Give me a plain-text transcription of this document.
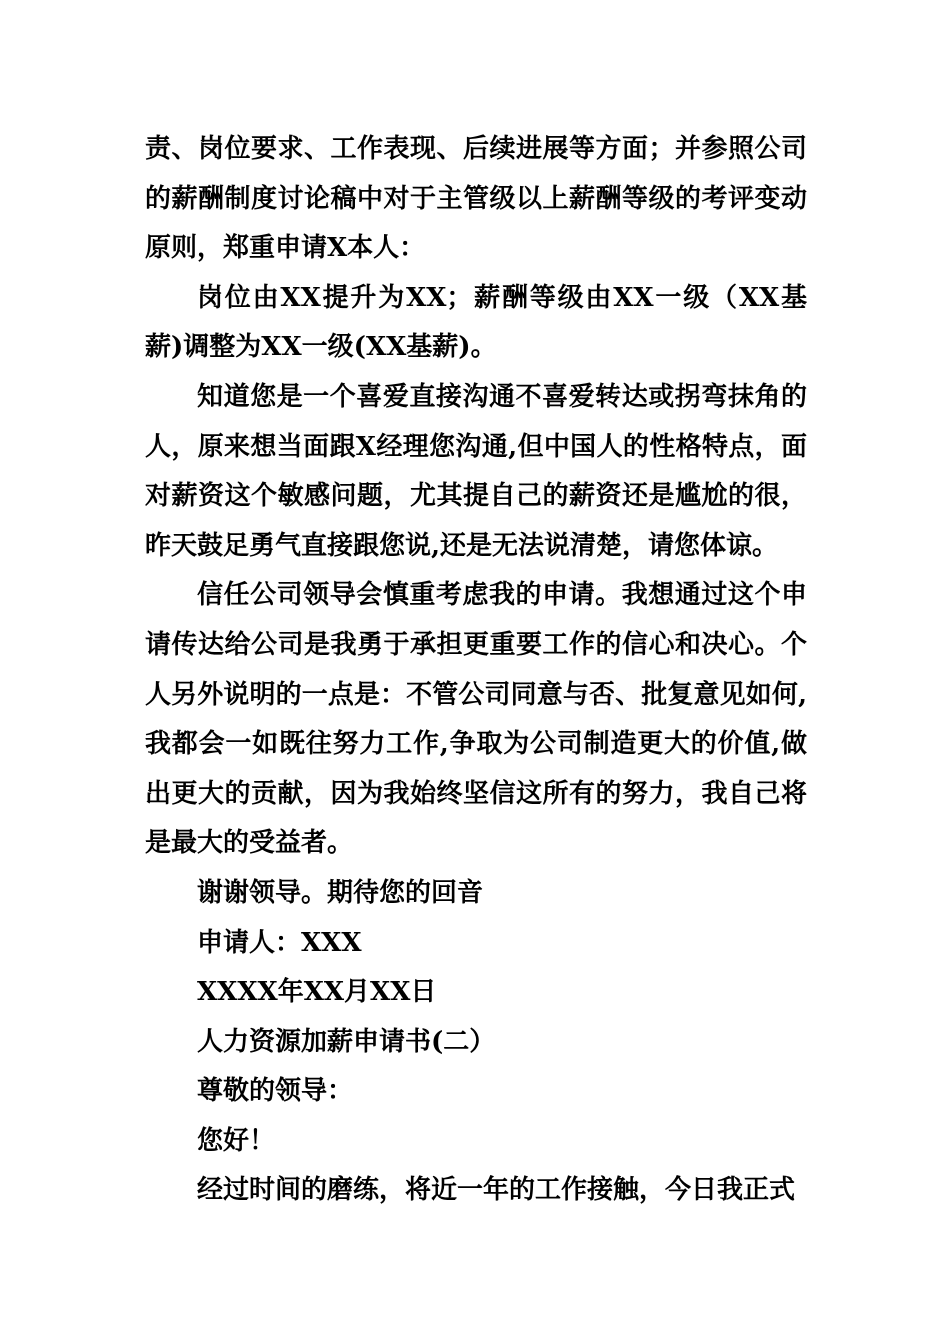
责、岗位要求、工作表现、后续进展等方面；并参照公司的薪酬制度讨论稿中对于主管级以上薪酬等级的考评变动原则，郑重申请X本人：

岗位由XX提升为XX；薪酬等级由XX一级（XX基薪)调整为XX一级(XX基薪)。

知道您是一个喜爱直接沟通不喜爱转达或拐弯抹角的人，原来想当面跟X经理您沟通,但中国人的性格特点，面对薪资这个敏感问题，尤其提自己的薪资还是尴尬的很，昨天鼓足勇气直接跟您说,还是无法说清楚，请您体谅。

信任公司领导会慎重考虑我的申请。我想通过这个申请传达给公司是我勇于承担更重要工作的信心和决心。个人另外说明的一点是：不管公司同意与否、批复意见如何,我都会一如既往努力工作,争取为公司制造更大的价值,做出更大的贡献，因为我始终坚信这所有的努力，我自己将是最大的受益者。

谢谢领导。期待您的回音

申请人：XXX

XXXX年XX月XX日

人力资源加薪申请书(二）

尊敬的领导：

您好！

经过时间的磨练，将近一年的工作接触，今日我正式
